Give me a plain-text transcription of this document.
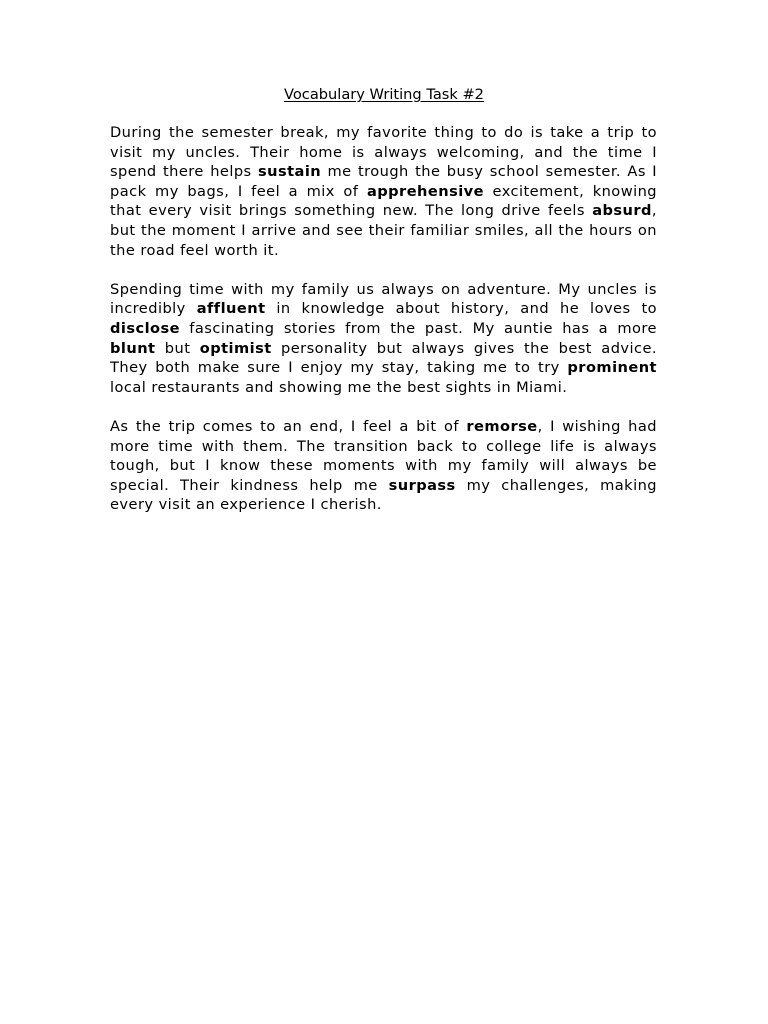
Vocabulary Writing Task #2

During the semester break, my favorite thing to do is take a trip to visit my uncles. Their home is always welcoming, and the time I spend there helps sustain me trough the busy school semester. As I pack my bags, I feel a mix of apprehensive excitement, knowing that every visit brings something new. The long drive feels absurd, but the moment I arrive and see their familiar smiles, all the hours on the road feel worth it.

Spending time with my family us always on adventure. My uncles is incredibly affluent in knowledge about history, and he loves to disclose fascinating stories from the past. My auntie has a more blunt but optimist personality but always gives the best advice. They both make sure I enjoy my stay, taking me to try prominent local restaurants and showing me the best sights in Miami.

As the trip comes to an end, I feel a bit of remorse, I wishing had more time with them. The transition back to college life is always tough, but I know these moments with my family will always be special. Their kindness help me surpass my challenges, making every visit an experience I cherish.
